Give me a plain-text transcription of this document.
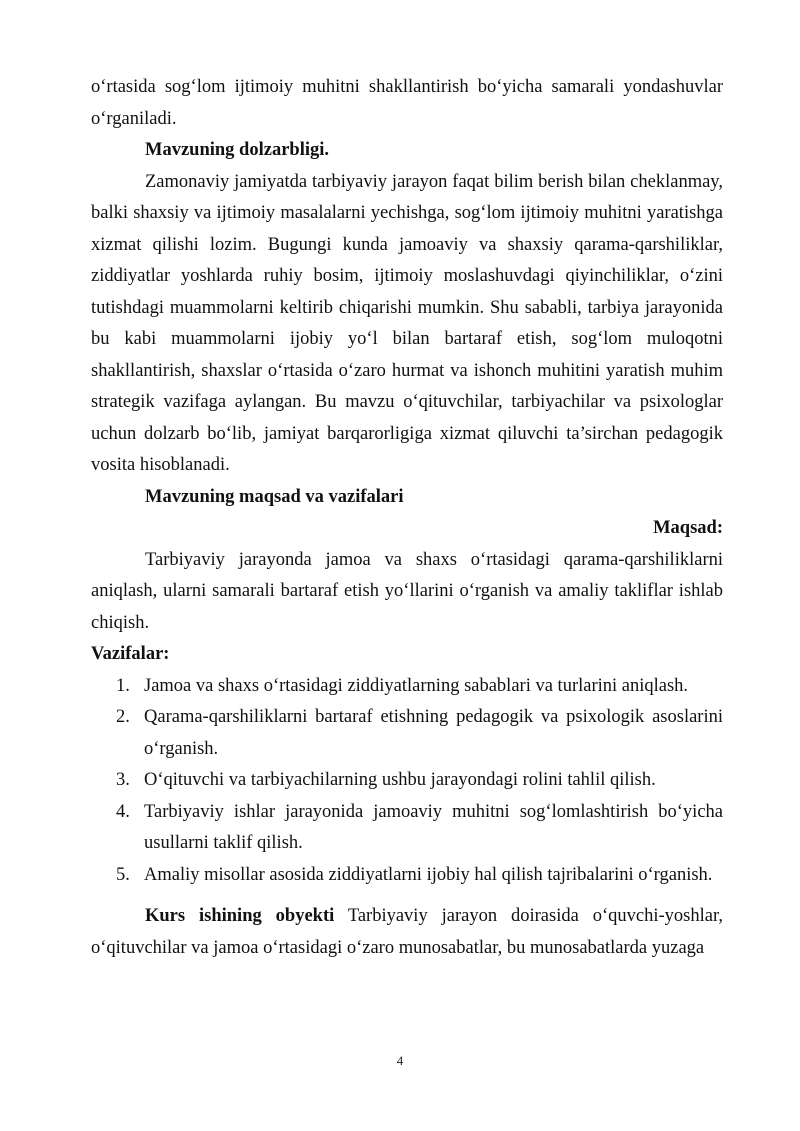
o‘rtasida sog‘lom ijtimoiy muhitni shakllantirish bo‘yicha samarali yondashuvlar o‘rganiladi.

Mavzuning dolzarbligi.

Zamonaviy jamiyatda tarbiyaviy jarayon faqat bilim berish bilan cheklanmay, balki shaxsiy va ijtimoiy masalalarni yechishga, sog‘lom ijtimoiy muhitni yaratishga xizmat qilishi lozim. Bugungi kunda jamoaviy va shaxsiy qarama-qarshiliklar, ziddiyatlar yoshlarda ruhiy bosim, ijtimoiy moslashuvdagi qiyinchiliklar, o‘zini tutishdagi muammolarni keltirib chiqarishi mumkin. Shu sababli, tarbiya jarayonida bu kabi muammolarni ijobiy yo‘l bilan bartaraf etish, sog‘lom muloqotni shakllantirish, shaxslar o‘rtasida o‘zaro hurmat va ishonch muhitini yaratish muhim strategik vazifaga aylangan. Bu mavzu o‘qituvchilar, tarbiyachilar va psixologlar uchun dolzarb bo‘lib, jamiyat barqarorligiga xizmat qiluvchi ta’sirchan pedagogik vosita hisoblanadi.

Mavzuning maqsad va vazifalari

Maqsad:

Tarbiyaviy jarayonda jamoa va shaxs o‘rtasidagi qarama-qarshiliklarni aniqlash, ularni samarali bartaraf etish yo‘llarini o‘rganish va amaliy takliflar ishlab chiqish.

Vazifalar:

1. Jamoa va shaxs o‘rtasidagi ziddiyatlarning sabablari va turlarini aniqlash.
2. Qarama-qarshiliklarni bartaraf etishning pedagogik va psixologik asoslarini o‘rganish.
3. O‘qituvchi va tarbiyachilarning ushbu jarayondagi rolini tahlil qilish.
4. Tarbiyaviy ishlar jarayonida jamoaviy muhitni sog‘lomlashtirish bo‘yicha usullarni taklif qilish.
5. Amaliy misollar asosida ziddiyatlarni ijobiy hal qilish tajribalarini o‘rganish.

Kurs ishining obyekti Tarbiyaviy jarayon doirasida o‘quvchi-yoshlar, o‘qituvchilar va jamoa o‘rtasidagi o‘zaro munosabatlar, bu munosabatlarda yuzaga

4
